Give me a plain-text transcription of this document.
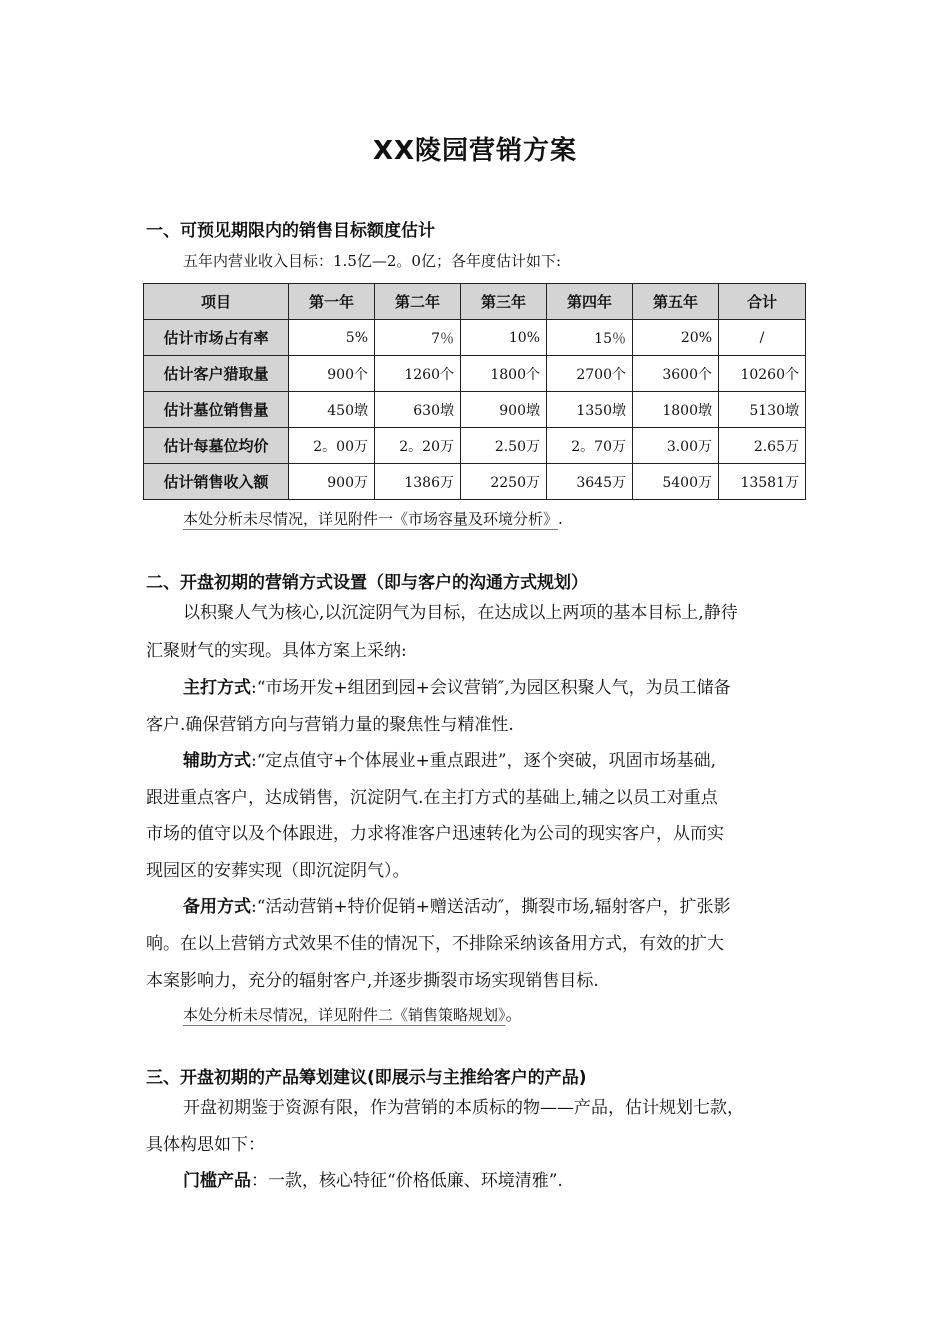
XX陵园营销方案
一、可预见期限内的销售目标额度估计
五年内营业收入目标：1.5亿—2。0亿；各年度估计如下:
项目	第一年	第二年	第三年	第四年	第五年	合计
估计市场占有率	5%	7％	10%	15％	20%	/
估计客户猎取量	900个	1260个	1800个	2700个	3600个	10260个
估计墓位销售量	450墩	630墩	900墩	1350墩	1800墩	5130墩
估计每墓位均价	2。00万	2。20万	2.50万	2。70万	3.00万	2.65万
估计销售收入额	900万	1386万	2250万	3645万	5400万	13581万
本处分析未尽情况，详见附件一《市场容量及环境分析》.
二、开盘初期的营销方式设置（即与客户的沟通方式规划）
以积聚人气为核心,以沉淀阴气为目标，在达成以上两项的基本目标上,静待
汇聚财气的实现。具体方案上采纳:
主打方式:“市场开发+组团到园+会议营销″,为园区积聚人气，为员工储备
客户.确保营销方向与营销力量的聚焦性与精准性.
辅助方式:“定点值守+个体展业+重点跟进”，逐个突破，巩固市场基础,
跟进重点客户，达成销售，沉淀阴气.在主打方式的基础上,辅之以员工对重点
市场的值守以及个体跟进，力求将准客户迅速转化为公司的现实客户，从而实
现园区的安葬实现（即沉淀阴气）。
备用方式:“活动营销+特价促销+赠送活动″，撕裂市场,辐射客户，扩张影
响。在以上营销方式效果不佳的情况下，不排除采纳该备用方式，有效的扩大
本案影响力，充分的辐射客户,并逐步撕裂市场实现销售目标.
本处分析未尽情况，详见附件二《销售策略规划》。
三、开盘初期的产品筹划建议(即展示与主推给客户的产品)
开盘初期鉴于资源有限，作为营销的本质标的物——产品，估计规划七款，
具体构思如下：
门槛产品：一款，核心特征“价格低廉、环境清雅”.
